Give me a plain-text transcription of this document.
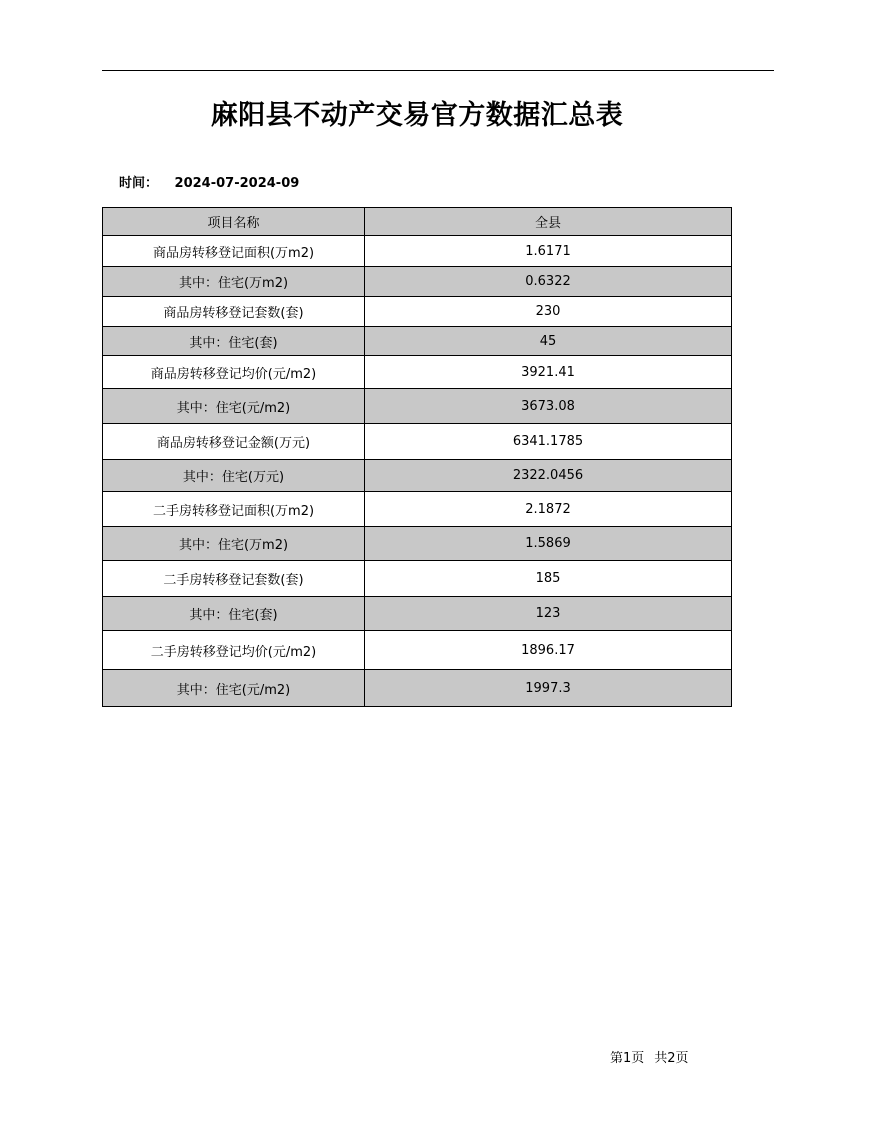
麻阳县不动产交易官方数据汇总表
时间： 2024-07-2024-09
项目名称	全县
商品房转移登记面积(万m2)	1.6171
其中：住宅(万m2)	0.6322
商品房转移登记套数(套)	230
其中：住宅(套)	45
商品房转移登记均价(元/m2)	3921.41
其中：住宅(元/m2)	3673.08
商品房转移登记金额(万元)	6341.1785
其中：住宅(万元)	2322.0456
二手房转移登记面积(万m2)	2.1872
其中：住宅(万m2)	1.5869
二手房转移登记套数(套)	185
其中：住宅(套)	123
二手房转移登记均价(元/m2)	1896.17
其中：住宅(元/m2)	1997.3
第1页 共2页
